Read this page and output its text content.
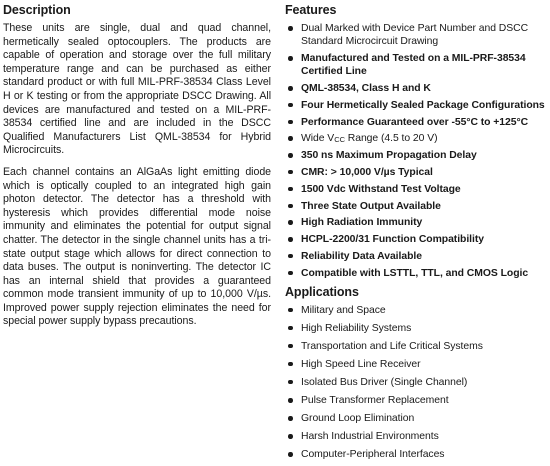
Description

These units are single, dual and quad channel, hermetically sealed optocouplers. The products are capable of operation and storage over the full military temperature range and can be purchased as either standard product or with full MIL-PRF-38534 Class Level H or K testing or from the appropriate DSCC Drawing. All devices are manufactured and tested on a MIL-PRF-38534 certified line and are included in the DSCC Qualified Manufacturers List QML-38534 for Hybrid Microcircuits.

Each channel contains an AlGaAs light emitting diode which is optically coupled to an integrated high gain photon detector. The detector has a threshold with hysteresis which provides differential mode noise immunity and eliminates the potential for output signal chatter. The detector in the single channel units has a tri-state output stage which allows for direct connection to data buses. The output is noninverting. The detector IC has an internal shield that provides a guaranteed common mode transient immunity of up to 10,000 V/µs. Improved power supply rejection eliminates the need for special power supply bypass precautions.

Features
Dual Marked with Device Part Number and DSCC Standard Microcircuit Drawing
Manufactured and Tested on a MIL-PRF-38534 Certified Line
QML-38534, Class H and K
Four Hermetically Sealed Package Configurations
Performance Guaranteed over -55°C to +125°C
Wide $V_{CC}$ Range (4.5 to 20 V)
350 ns Maximum Propagation Delay
CMR: > 10,000 V/µs Typical
1500 Vdc Withstand Test Voltage
Three State Output Available
High Radiation Immunity
HCPL-2200/31 Function Compatibility
Reliability Data Available
Compatible with LSTTL, TTL, and CMOS Logic
Applications
Military and Space
High Reliability Systems
Transportation and Life Critical Systems
High Speed Line Receiver
Isolated Bus Driver (Single Channel)
Pulse Transformer Replacement
Ground Loop Elimination
Harsh Industrial Environments
Computer-Peripheral Interfaces
